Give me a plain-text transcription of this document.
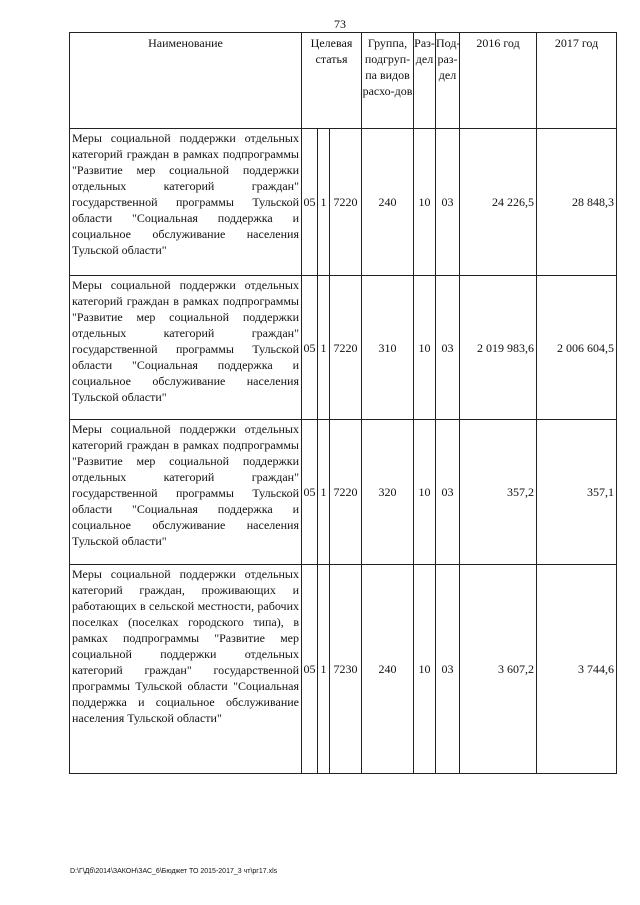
73
Наименование	Целевая статья			Группа, подгруп-па видов расхо-дов	Раз-дел	Под-раз-дел	2016 год	2017 год
Меры социальной поддержки отдельных категорий граждан в рамках подпрограммы "Развитие мер социальной поддержки отдельных категорий граждан" государственной программы Тульской области "Социальная поддержка и социальное обслуживание населения Тульской области"	05	1	7220	240	10	03	24 226,5	28 848,3
Меры социальной поддержки отдельных категорий граждан в рамках подпрограммы "Развитие мер социальной поддержки отдельных категорий граждан" государственной программы Тульской области "Социальная поддержка и социальное обслуживание населения Тульской области"	05	1	7220	310	10	03	2 019 983,6	2 006 604,5
Меры социальной поддержки отдельных категорий граждан в рамках подпрограммы "Развитие мер социальной поддержки отдельных категорий граждан" государственной программы Тульской области "Социальная поддержка и социальное обслуживание населения Тульской области"	05	1	7220	320	10	03	357,2	357,1
Меры социальной поддержки отдельных категорий граждан, проживающих и работающих в сельской местности, рабочих поселках (поселках городского типа), в рамках подпрограммы "Развитие мер социальной поддержки отдельных категорий граждан" государственной программы Тульской области "Социальная поддержка и социальное обслуживание населения Тульской области"	05	1	7230	240	10	03	3 607,2	3 744,6
D:\Г\Дб\2014\ЗАКОН\ЗАС_6\Бюджет ТО 2015-2017_3 чт\рг17.xls
